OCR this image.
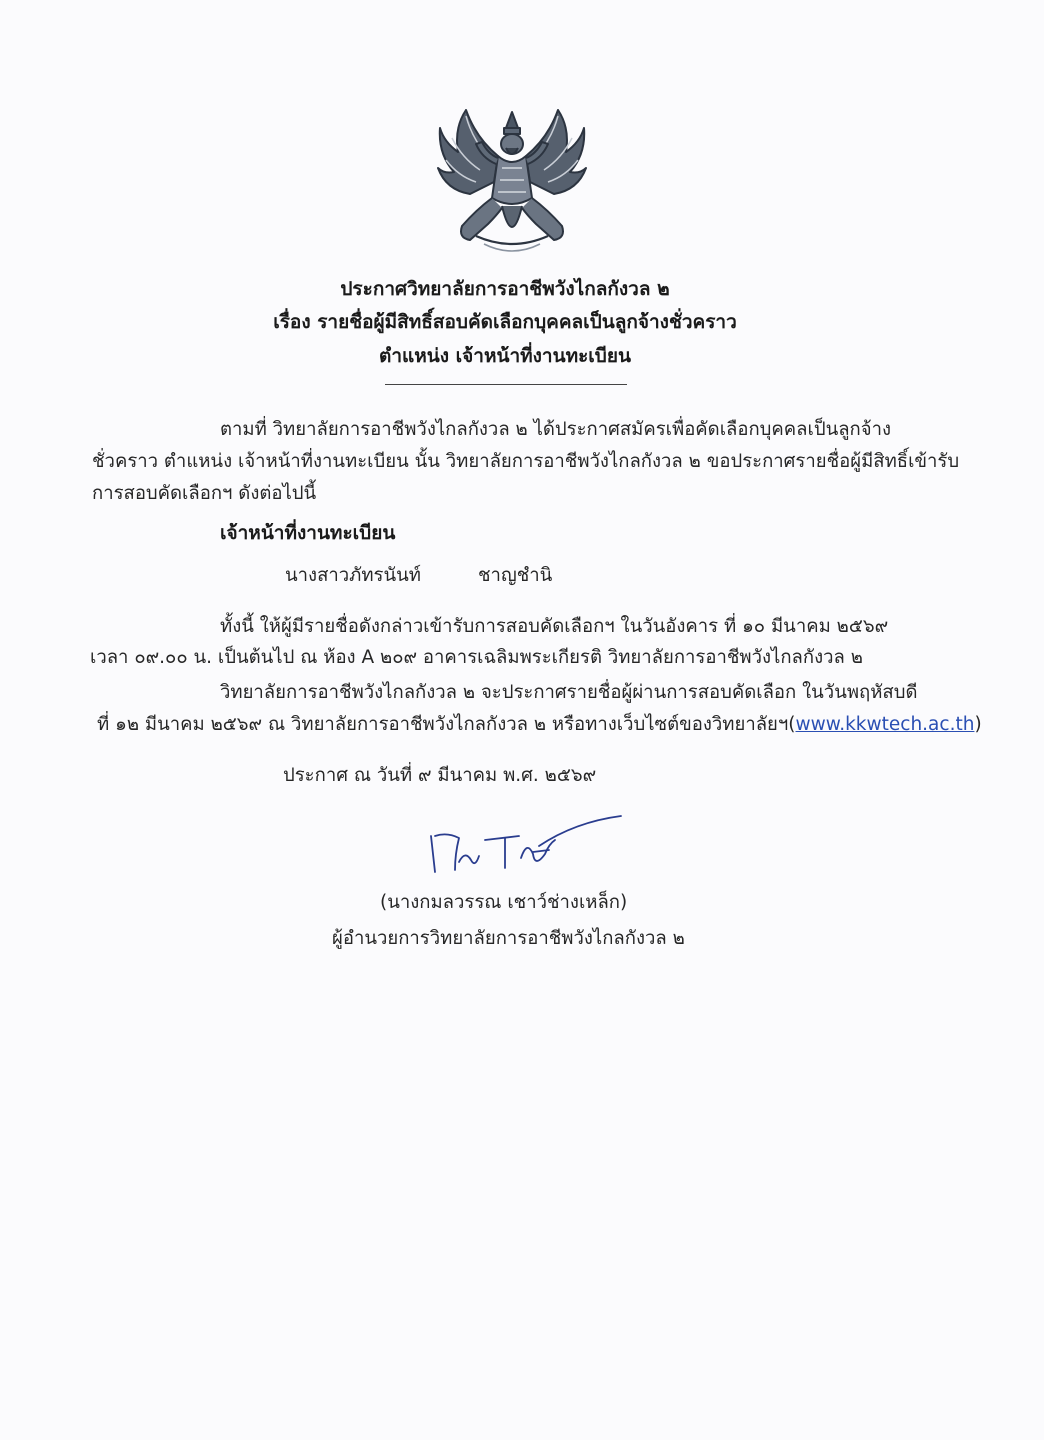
ประกาศวิทยาลัยการอาชีพวังไกลกังวล ๒
เรื่อง รายชื่อผู้มีสิทธิ์สอบคัดเลือกบุคคลเป็นลูกจ้างชั่วคราว
ตำแหน่ง เจ้าหน้าที่งานทะเบียน
ตามที่ วิทยาลัยการอาชีพวังไกลกังวล ๒ ได้ประกาศสมัครเพื่อคัดเลือกบุคคลเป็นลูกจ้าง
ชั่วคราว ตำแหน่ง เจ้าหน้าที่งานทะเบียน นั้น วิทยาลัยการอาชีพวังไกลกังวล ๒ ขอประกาศรายชื่อผู้มีสิทธิ์เข้ารับ
การสอบคัดเลือกฯ ดังต่อไปนี้
เจ้าหน้าที่งานทะเบียน
นางสาวภัทรนันท์	ชาญชำนิ
ทั้งนี้ ให้ผู้มีรายชื่อดังกล่าวเข้ารับการสอบคัดเลือกฯ ในวันอังคาร ที่ ๑๐ มีนาคม ๒๕๖๙
เวลา ๐๙.๐๐ น. เป็นต้นไป ณ ห้อง A ๒๐๙ อาคารเฉลิมพระเกียรติ วิทยาลัยการอาชีพวังไกลกังวล ๒
วิทยาลัยการอาชีพวังไกลกังวล ๒ จะประกาศรายชื่อผู้ผ่านการสอบคัดเลือก ในวันพฤหัสบดี
ที่ ๑๒ มีนาคม ๒๕๖๙ ณ วิทยาลัยการอาชีพวังไกลกังวล ๒ หรือทางเว็บไซต์ของวิทยาลัยฯ(www.kkwtech.ac.th)
ประกาศ ณ วันที่ ๙ มีนาคม พ.ศ. ๒๕๖๙
(นางกมลวรรณ เชาว์ช่างเหล็ก)
ผู้อำนวยการวิทยาลัยการอาชีพวังไกลกังวล ๒
